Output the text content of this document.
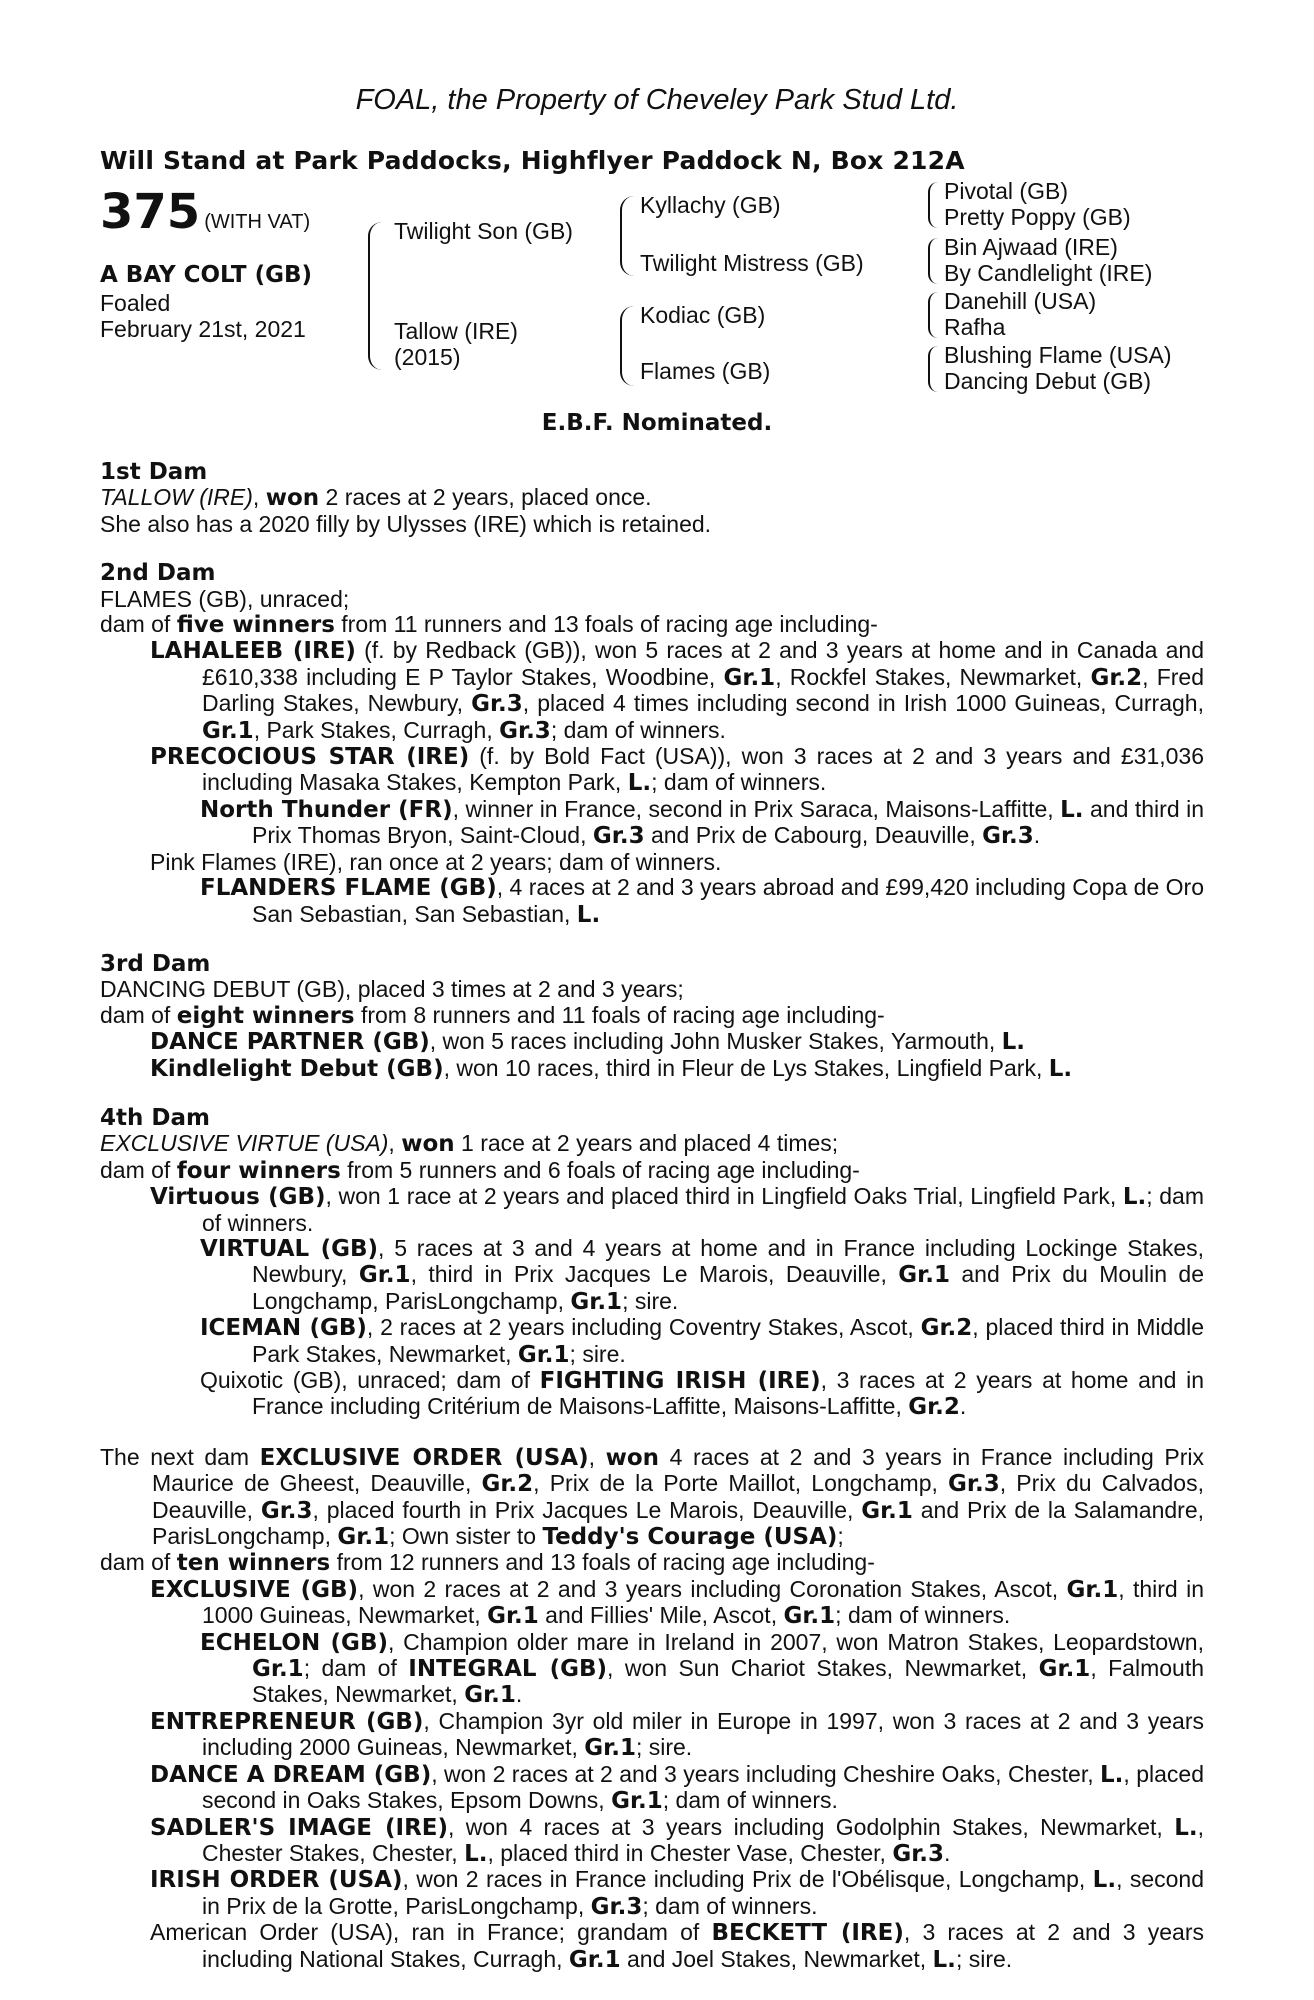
FOAL, the Property of Cheveley Park Stud Ltd.
Will Stand at Park Paddocks, Highflyer Paddock N, Box 212A
375 (WITH VAT)
A BAY COLT (GB)
Foaled
February 21st, 2021
Twilight Son (GB)
Tallow (IRE)
(2015)
Kyllachy (GB)
Twilight Mistress (GB)
Kodiac (GB)
Flames (GB)
Pivotal (GB)
Pretty Poppy (GB)
Bin Ajwaad (IRE)
By Candlelight (IRE)
Danehill (USA)
Rafha
Blushing Flame (USA)
Dancing Debut (GB)
E.B.F. Nominated.
1st Dam

TALLOW (IRE), won 2 races at 2 years, placed once.

She also has a 2020 filly by Ulysses (IRE) which is retained.

2nd Dam

FLAMES (GB), unraced;

dam of five winners from 11 runners and 13 foals of racing age including-

LAHALEEB (IRE) (f. by Redback (GB)), won 5 races at 2 and 3 years at home and in Canada and £610,338 including E P Taylor Stakes, Woodbine, Gr.1, Rockfel Stakes, Newmarket, Gr.2, Fred Darling Stakes, Newbury, Gr.3, placed 4 times including second in Irish 1000 Guineas, Curragh, Gr.1, Park Stakes, Curragh, Gr.3; dam of winners.

PRECOCIOUS STAR (IRE) (f. by Bold Fact (USA)), won 3 races at 2 and 3 years and £31,036 including Masaka Stakes, Kempton Park, L.; dam of winners.

North Thunder (FR), winner in France, second in Prix Saraca, Maisons-Laffitte, L. and third in Prix Thomas Bryon, Saint-Cloud, Gr.3 and Prix de Cabourg, Deauville, Gr.3.

Pink Flames (IRE), ran once at 2 years; dam of winners.

FLANDERS FLAME (GB), 4 races at 2 and 3 years abroad and £99,420 including Copa de Oro San Sebastian, San Sebastian, L.

3rd Dam

DANCING DEBUT (GB), placed 3 times at 2 and 3 years;

dam of eight winners from 8 runners and 11 foals of racing age including-

DANCE PARTNER (GB), won 5 races including John Musker Stakes, Yarmouth, L.

Kindlelight Debut (GB), won 10 races, third in Fleur de Lys Stakes, Lingfield Park, L.

4th Dam

EXCLUSIVE VIRTUE (USA), won 1 race at 2 years and placed 4 times;

dam of four winners from 5 runners and 6 foals of racing age including-

Virtuous (GB), won 1 race at 2 years and placed third in Lingfield Oaks Trial, Lingfield Park, L.; dam of winners.

VIRTUAL (GB), 5 races at 3 and 4 years at home and in France including Lockinge Stakes, Newbury, Gr.1, third in Prix Jacques Le Marois, Deauville, Gr.1 and Prix du Moulin de Longchamp, ParisLongchamp, Gr.1; sire.

ICEMAN (GB), 2 races at 2 years including Coventry Stakes, Ascot, Gr.2, placed third in Middle Park Stakes, Newmarket, Gr.1; sire.

Quixotic (GB), unraced; dam of FIGHTING IRISH (IRE), 3 races at 2 years at home and in France including Critérium de Maisons-Laffitte, Maisons-Laffitte, Gr.2.

The next dam EXCLUSIVE ORDER (USA), won 4 races at 2 and 3 years in France including Prix Maurice de Gheest, Deauville, Gr.2, Prix de la Porte Maillot, Longchamp, Gr.3, Prix du Calvados, Deauville, Gr.3, placed fourth in Prix Jacques Le Marois, Deauville, Gr.1 and Prix de la Salamandre, ParisLongchamp, Gr.1; Own sister to Teddy's Courage (USA);

dam of ten winners from 12 runners and 13 foals of racing age including-

EXCLUSIVE (GB), won 2 races at 2 and 3 years including Coronation Stakes, Ascot, Gr.1, third in 1000 Guineas, Newmarket, Gr.1 and Fillies' Mile, Ascot, Gr.1; dam of winners.

ECHELON (GB), Champion older mare in Ireland in 2007, won Matron Stakes, Leopardstown, Gr.1; dam of INTEGRAL (GB), won Sun Chariot Stakes, Newmarket, Gr.1, Falmouth Stakes, Newmarket, Gr.1.

ENTREPRENEUR (GB), Champion 3yr old miler in Europe in 1997, won 3 races at 2 and 3 years including 2000 Guineas, Newmarket, Gr.1; sire.

DANCE A DREAM (GB), won 2 races at 2 and 3 years including Cheshire Oaks, Chester, L., placed second in Oaks Stakes, Epsom Downs, Gr.1; dam of winners.

SADLER'S IMAGE (IRE), won 4 races at 3 years including Godolphin Stakes, Newmarket, L., Chester Stakes, Chester, L., placed third in Chester Vase, Chester, Gr.3.

IRISH ORDER (USA), won 2 races in France including Prix de l'Obélisque, Longchamp, L., second in Prix de la Grotte, ParisLongchamp, Gr.3; dam of winners.

American Order (USA), ran in France; grandam of BECKETT (IRE), 3 races at 2 and 3 years including National Stakes, Curragh, Gr.1 and Joel Stakes, Newmarket, L.; sire.
